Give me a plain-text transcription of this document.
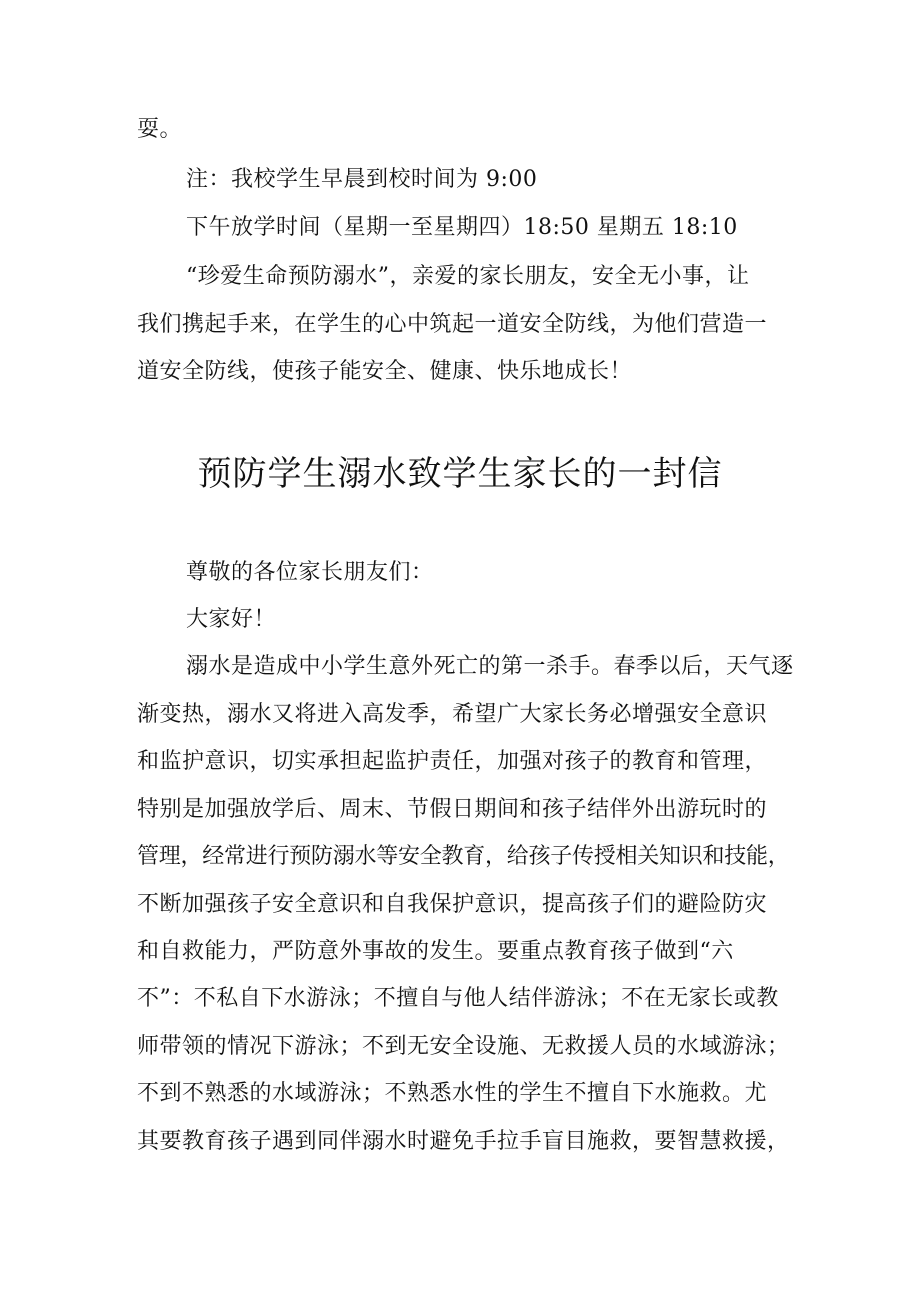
耍。
注：我校学生早晨到校时间为 9:00
下午放学时间（星期一至星期四）18:50 星期五 18:10
“珍爱生命预防溺水”，亲爱的家长朋友，安全无小事，让
我们携起手来，在学生的心中筑起一道安全防线，为他们营造一
道安全防线，使孩子能安全、健康、快乐地成长！
预防学生溺水致学生家长的一封信
尊敬的各位家长朋友们：
大家好！
溺水是造成中小学生意外死亡的第一杀手。春季以后，天气逐
渐变热，溺水又将进入高发季，希望广大家长务必增强安全意识
和监护意识，切实承担起监护责任，加强对孩子的教育和管理，
特别是加强放学后、周末、节假日期间和孩子结伴外出游玩时的
管理，经常进行预防溺水等安全教育，给孩子传授相关知识和技能，
不断加强孩子安全意识和自我保护意识，提高孩子们的避险防灾
和自救能力，严防意外事故的发生。要重点教育孩子做到“六
不”：不私自下水游泳；不擅自与他人结伴游泳；不在无家长或教
师带领的情况下游泳；不到无安全设施、无救援人员的水域游泳；
不到不熟悉的水域游泳；不熟悉水性的学生不擅自下水施救。尤
其要教育孩子遇到同伴溺水时避免手拉手盲目施救，要智慧救援，
